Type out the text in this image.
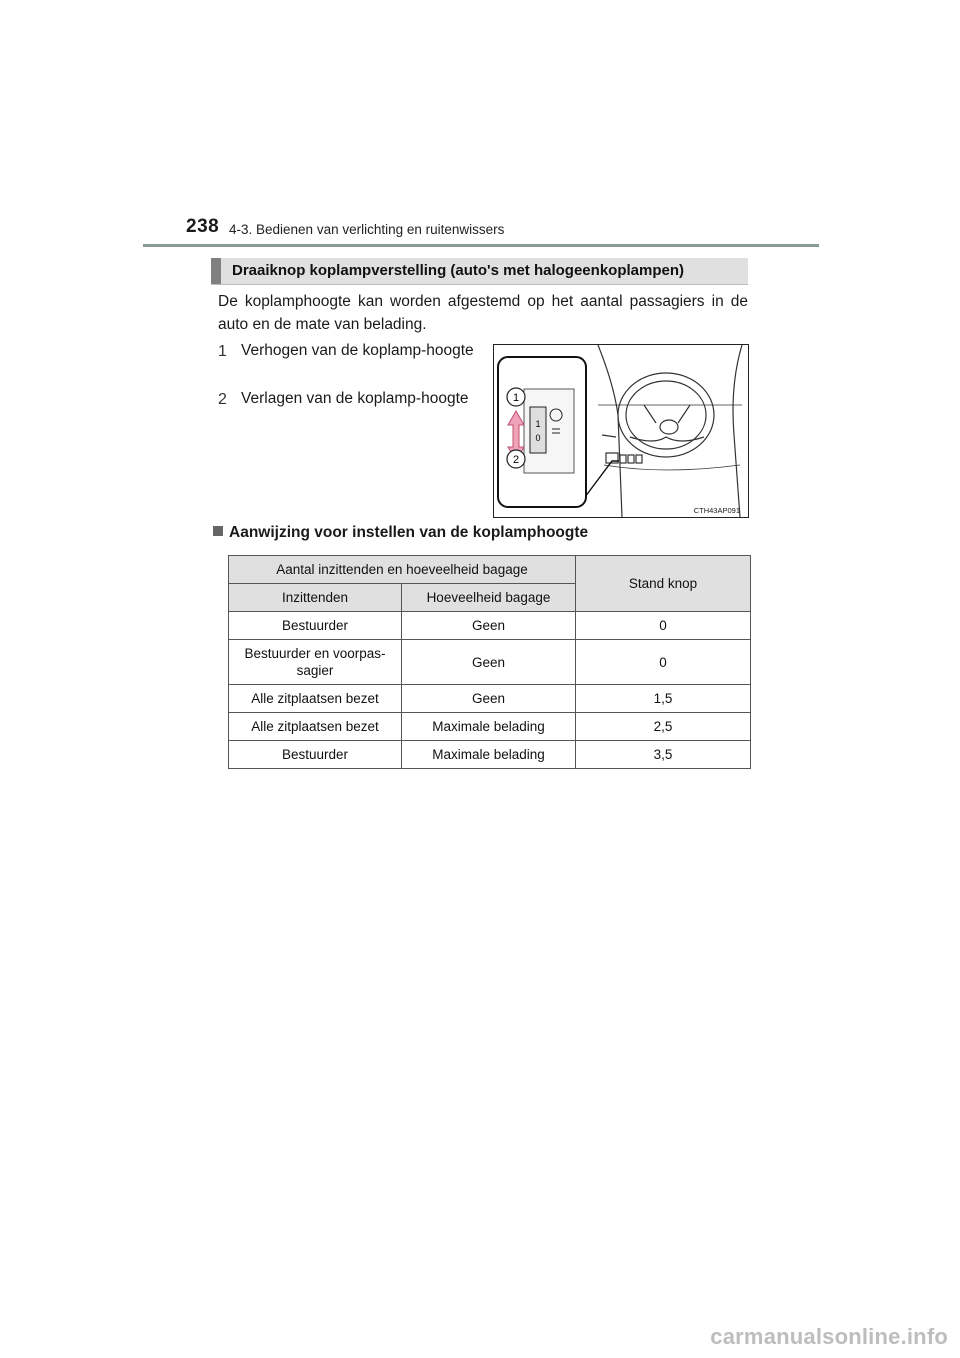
238 4-3. Bedienen van verlichting en ruitenwissers
Draaiknop koplampverstelling (auto's met halogeenkoplampen)
De koplamphoogte kan worden afgestemd op het aantal passagiers in de auto en de mate van belading.
1 Verhogen van de koplamp-hoogte
2 Verlagen van de koplamp-hoogte
1
0
1
2
CTH43AP091
Aanwijzing voor instellen van de koplamphoogte
Aantal inzittenden en hoeveelheid bagage		Stand knop
Inzittenden	Hoeveelheid bagage	
Bestuurder	Geen	0
Bestuurder en voorpas-sagier	Geen	0
Alle zitplaatsen bezet	Geen	1,5
Alle zitplaatsen bezet	Maximale belading	2,5
Bestuurder	Maximale belading	3,5
carmanualsonline.info
